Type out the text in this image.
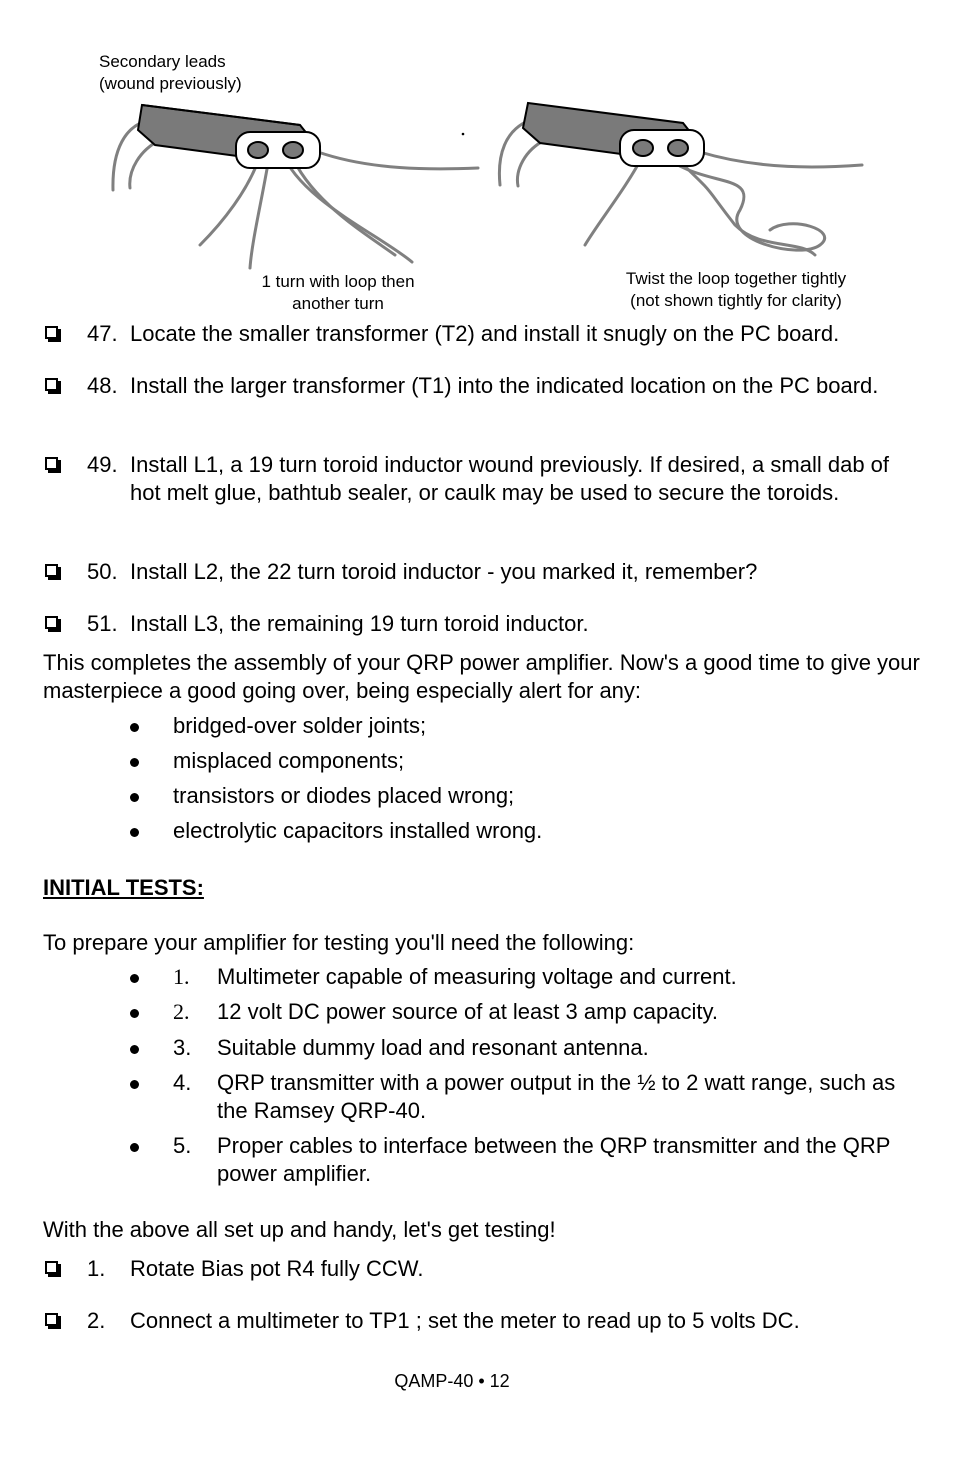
Secondary leads
(wound previously)
1 turn with loop then
another turn
Twist the loop together tightly
(not shown tightly for clarity)
47. Locate the smaller transformer (T2) and install it snugly on the PC board.
48. Install the larger transformer (T1) into the indicated location on the PC board.
49. Install L1, a 19 turn toroid inductor wound previously. If desired, a small dab of hot melt glue, bathtub sealer, or caulk may be used to secure the toroids.
50. Install L2, the 22 turn toroid inductor - you marked it, remember?
51. Install L3, the remaining 19 turn toroid inductor.
This completes the assembly of your QRP power amplifier. Now's a good time to give your masterpiece a good going over, being especially alert for any:
bridged-over solder joints;
misplaced components;
transistors or diodes placed wrong;
electrolytic capacitors installed wrong.
INITIAL TESTS:
To prepare your amplifier for testing you'll need the following:
1. Multimeter capable of measuring voltage and current.
2. 12 volt DC power source of at least 3 amp capacity.
3. Suitable dummy load and resonant antenna.
4. QRP transmitter with a power output in the ½ to 2 watt range, such as the Ramsey QRP-40.
5. Proper cables to interface between the QRP transmitter and the QRP power amplifier.
With the above all set up and handy, let's get testing!
1. Rotate Bias pot R4 fully CCW.
2. Connect a multimeter to TP1 ; set the meter to read up to 5 volts DC.
QAMP-40 • 12
